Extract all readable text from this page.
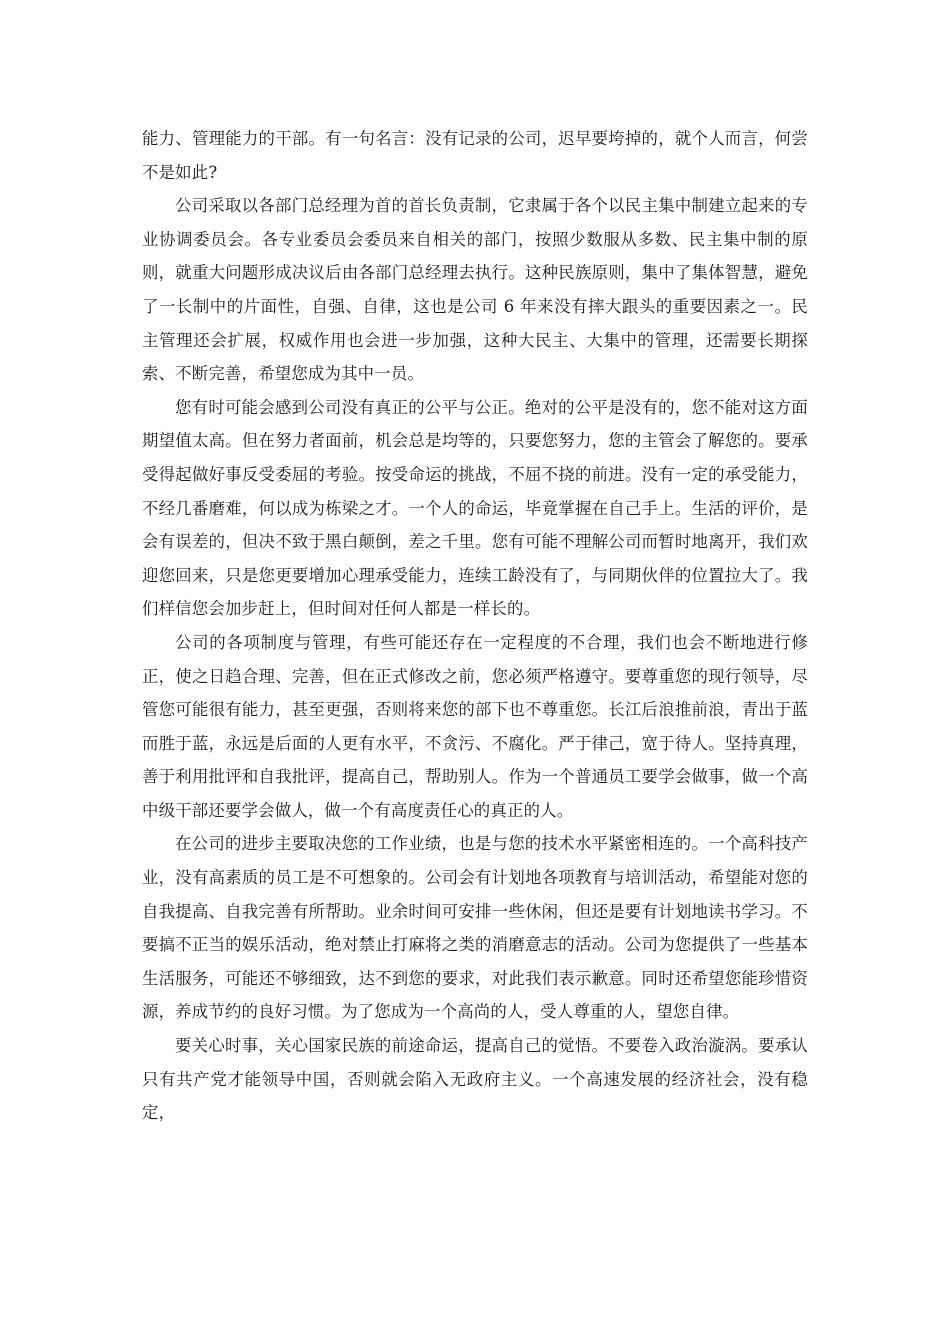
能力、管理能力的干部。有一句名言：没有记录的公司，迟早要垮掉的，就个人而言，何尝不是如此?

公司采取以各部门总经理为首的首长负责制，它隶属于各个以民主集中制建立起来的专业协调委员会。各专业委员会委员来自相关的部门，按照少数服从多数、民主集中制的原则，就重大问题形成决议后由各部门总经理去执行。这种民族原则，集中了集体智慧，避免了一长制中的片面性，自强、自律，这也是公司 6 年来没有摔大跟头的重要因素之一。民主管理还会扩展，权威作用也会进一步加强，这种大民主、大集中的管理，还需要长期探索、不断完善，希望您成为其中一员。

您有时可能会感到公司没有真正的公平与公正。绝对的公平是没有的，您不能对这方面期望值太高。但在努力者面前，机会总是均等的，只要您努力，您的主管会了解您的。要承受得起做好事反受委屈的考验。按受命运的挑战，不屈不挠的前进。没有一定的承受能力，不经几番磨难，何以成为栋梁之才。一个人的命运，毕竟掌握在自己手上。生活的评价，是会有误差的，但决不致于黑白颠倒，差之千里。您有可能不理解公司而暂时地离开，我们欢迎您回来，只是您更要增加心理承受能力，连续工龄没有了，与同期伙伴的位置拉大了。我们样信您会加步赶上，但时间对任何人都是一样长的。

公司的各项制度与管理，有些可能还存在一定程度的不合理，我们也会不断地进行修正，使之日趋合理、完善，但在正式修改之前，您必须严格遵守。要尊重您的现行领导，尽管您可能很有能力，甚至更强，否则将来您的部下也不尊重您。长江后浪推前浪，青出于蓝而胜于蓝，永远是后面的人更有水平，不贪污、不腐化。严于律己，宽于待人。坚持真理，善于利用批评和自我批评，提高自己，帮助别人。作为一个普通员工要学会做事，做一个高中级干部还要学会做人，做一个有高度责任心的真正的人。

在公司的进步主要取决您的工作业绩，也是与您的技术水平紧密相连的。一个高科技产业，没有高素质的员工是不可想象的。公司会有计划地各项教育与培训活动，希望能对您的自我提高、自我完善有所帮助。业余时间可安排一些休闲，但还是要有计划地读书学习。不要搞不正当的娱乐活动，绝对禁止打麻将之类的消磨意志的活动。公司为您提供了一些基本生活服务，可能还不够细致，达不到您的要求，对此我们表示歉意。同时还希望您能珍惜资源，养成节约的良好习惯。为了您成为一个高尚的人，受人尊重的人，望您自律。

要关心时事，关心国家民族的前途命运，提高自己的觉悟。不要卷入政治漩涡。要承认只有共产党才能领导中国，否则就会陷入无政府主义。一个高速发展的经济社会，没有稳定，
